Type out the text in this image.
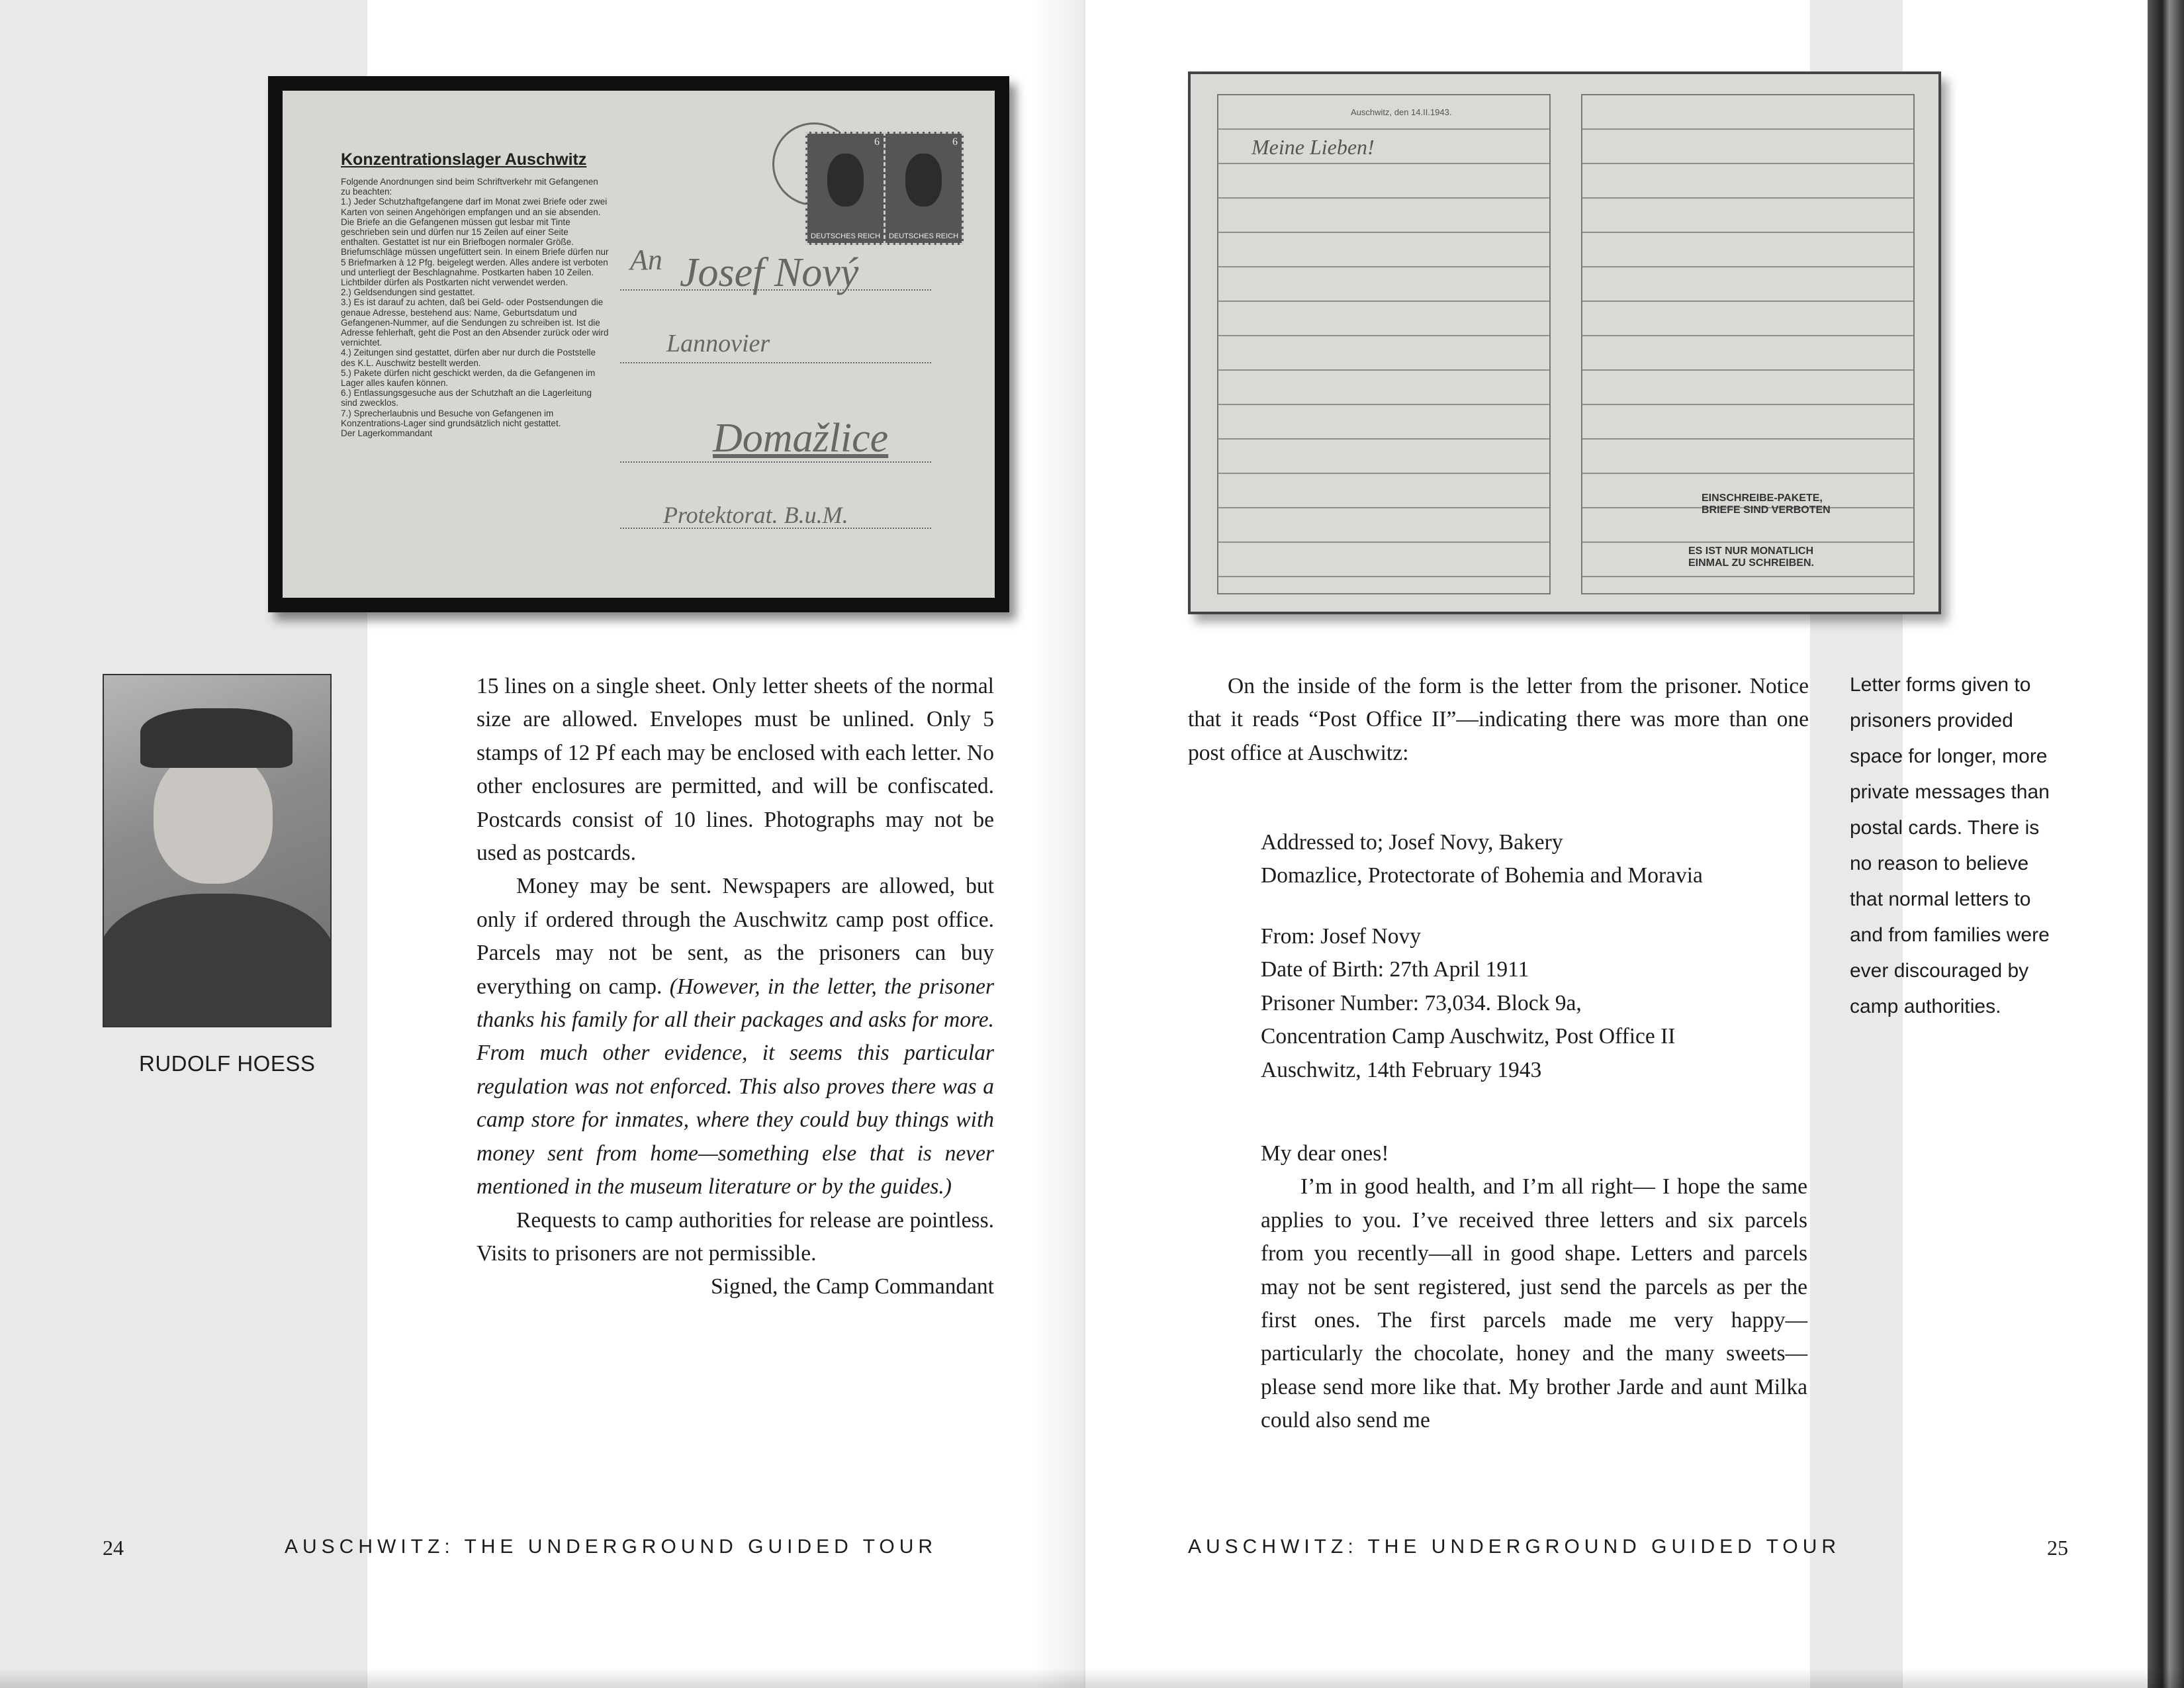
Konzentrationslager Auschwitz
Folgende Anordnungen sind beim Schriftverkehr mit Gefangenen zu beachten:
1.) Jeder Schutzhaftgefangene darf im Monat zwei Briefe oder zwei Karten von seinen Angehörigen empfangen und an sie absenden. Die Briefe an die Gefangenen müssen gut lesbar mit Tinte geschrieben sein und dürfen nur 15 Zeilen auf einer Seite enthalten. Gestattet ist nur ein Briefbogen normaler Größe. Briefumschläge müssen ungefüttert sein. In einem Briefe dürfen nur 5 Briefmarken à 12 Pfg. beigelegt werden. Alles andere ist verboten und unterliegt der Beschlagnahme. Postkarten haben 10 Zeilen. Lichtbilder dürfen als Postkarten nicht verwendet werden.
2.) Geldsendungen sind gestattet.
3.) Es ist darauf zu achten, daß bei Geld- oder Postsendungen die genaue Adresse, bestehend aus: Name, Geburtsdatum und Gefangenen-Nummer, auf die Sendungen zu schreiben ist. Ist die Adresse fehlerhaft, geht die Post an den Absender zurück oder wird vernichtet.
4.) Zeitungen sind gestattet, dürfen aber nur durch die Poststelle des K.L. Auschwitz bestellt werden.
5.) Pakete dürfen nicht geschickt werden, da die Gefangenen im Lager alles kaufen können.
6.) Entlassungsgesuche aus der Schutzhaft an die Lagerleitung sind zwecklos.
7.) Sprecherlaubnis und Besuche von Gefangenen im Konzentrations-Lager sind grundsätzlich nicht gestattet.
Der Lagerkommandant
6
DEUTSCHES REICH
6
DEUTSCHES REICH
An Josef Nový
Lannovier
Domažlice
Protektorat. B.u.M.
RUDOLF HOESS

15 lines on a single sheet. Only letter sheets of the normal size are allowed. Envelopes must be unlined. Only 5 stamps of 12 Pf each may be enclosed with each letter. No other enclosures are permitted, and will be confiscated. Postcards consist of 10 lines. Photographs may not be used as postcards.

Money may be sent. Newspapers are allowed, but only if ordered through the Auschwitz camp post office. Parcels may not be sent, as the prisoners can buy everything on camp. (However, in the letter, the prisoner thanks his family for all their packages and asks for more. From much other evidence, it seems this particular regulation was not enforced. This also proves there was a camp store for inmates, where they could buy things with money sent from home—something else that is never mentioned in the museum literature or by the guides.)

Requests to camp authorities for release are pointless. Visits to prisoners are not permissible.

Signed, the Camp Commandant

24	AUSCHWITZ: THE UNDERGROUND GUIDED TOUR
Auschwitz, den 14.II.1943.
Meine Lieben!
EINSCHREIBE-PAKETE, BRIEFE SIND VERBOTEN
ES IST NUR MONATLICH EINMAL ZU SCHREIBEN.

On the inside of the form is the letter from the prisoner. Notice that it reads “Post Office II”—indicating there was more than one post office at Auschwitz:

Addressed to; Josef Novy, Bakery
Domazlice, Protectorate of Bohemia and Moravia
From: Josef Novy
Date of Birth: 27th April 1911
Prisoner Number: 73,034. Block 9a,
Concentration Camp Auschwitz, Post Office II
Auschwitz, 14th February 1943

My dear ones!

I’m in good health, and I’m all right— I hope the same applies to you. I’ve received three letters and six parcels from you recently—all in good shape. Letters and parcels may not be sent registered, just send the parcels as per the first ones. The first parcels made me very happy— particularly the chocolate, honey and the many sweets— please send more like that. My brother Jarde and aunt Milka could also send me

Letter forms given to prisoners provided space for longer, more private messages than postal cards. There is no reason to believe that normal letters to and from families were ever discouraged by camp authorities.
AUSCHWITZ: THE UNDERGROUND GUIDED TOUR	25
